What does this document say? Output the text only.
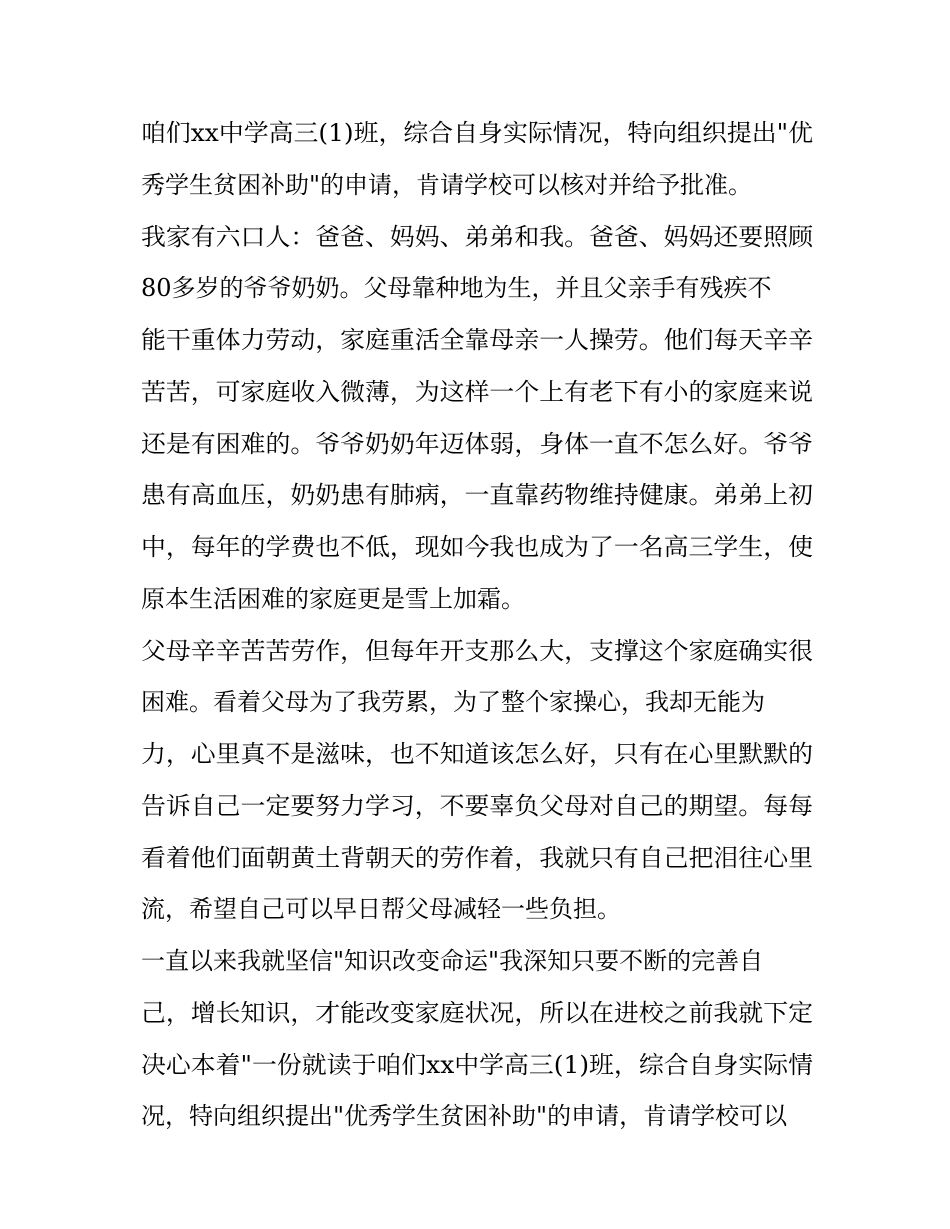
咱们xx中学高三(1)班，综合自身实际情况，特向组织提出"优
秀学生贫困补助"的申请，肯请学校可以核对并给予批准。
我家有六口人：爸爸、妈妈、弟弟和我。爸爸、妈妈还要照顾
80多岁的爷爷奶奶。父母靠种地为生，并且父亲手有残疾不
能干重体力劳动，家庭重活全靠母亲一人操劳。他们每天辛辛
苦苦，可家庭收入微薄，为这样一个上有老下有小的家庭来说
还是有困难的。爷爷奶奶年迈体弱，身体一直不怎么好。爷爷
患有高血压，奶奶患有肺病，一直靠药物维持健康。弟弟上初
中，每年的学费也不低，现如今我也成为了一名高三学生，使
原本生活困难的家庭更是雪上加霜。
父母辛辛苦苦劳作，但每年开支那么大，支撑这个家庭确实很
困难。看着父母为了我劳累，为了整个家操心，我却无能为
力，心里真不是滋味，也不知道该怎么好，只有在心里默默的
告诉自己一定要努力学习，不要辜负父母对自己的期望。每每
看着他们面朝黄土背朝天的劳作着，我就只有自己把泪往心里
流，希望自己可以早日帮父母减轻一些负担。
一直以来我就坚信"知识改变命运"我深知只要不断的完善自
己，增长知识，才能改变家庭状况，所以在进校之前我就下定
决心本着"一份就读于咱们xx中学高三(1)班，综合自身实际情
况，特向组织提出"优秀学生贫困补助"的申请，肯请学校可以
